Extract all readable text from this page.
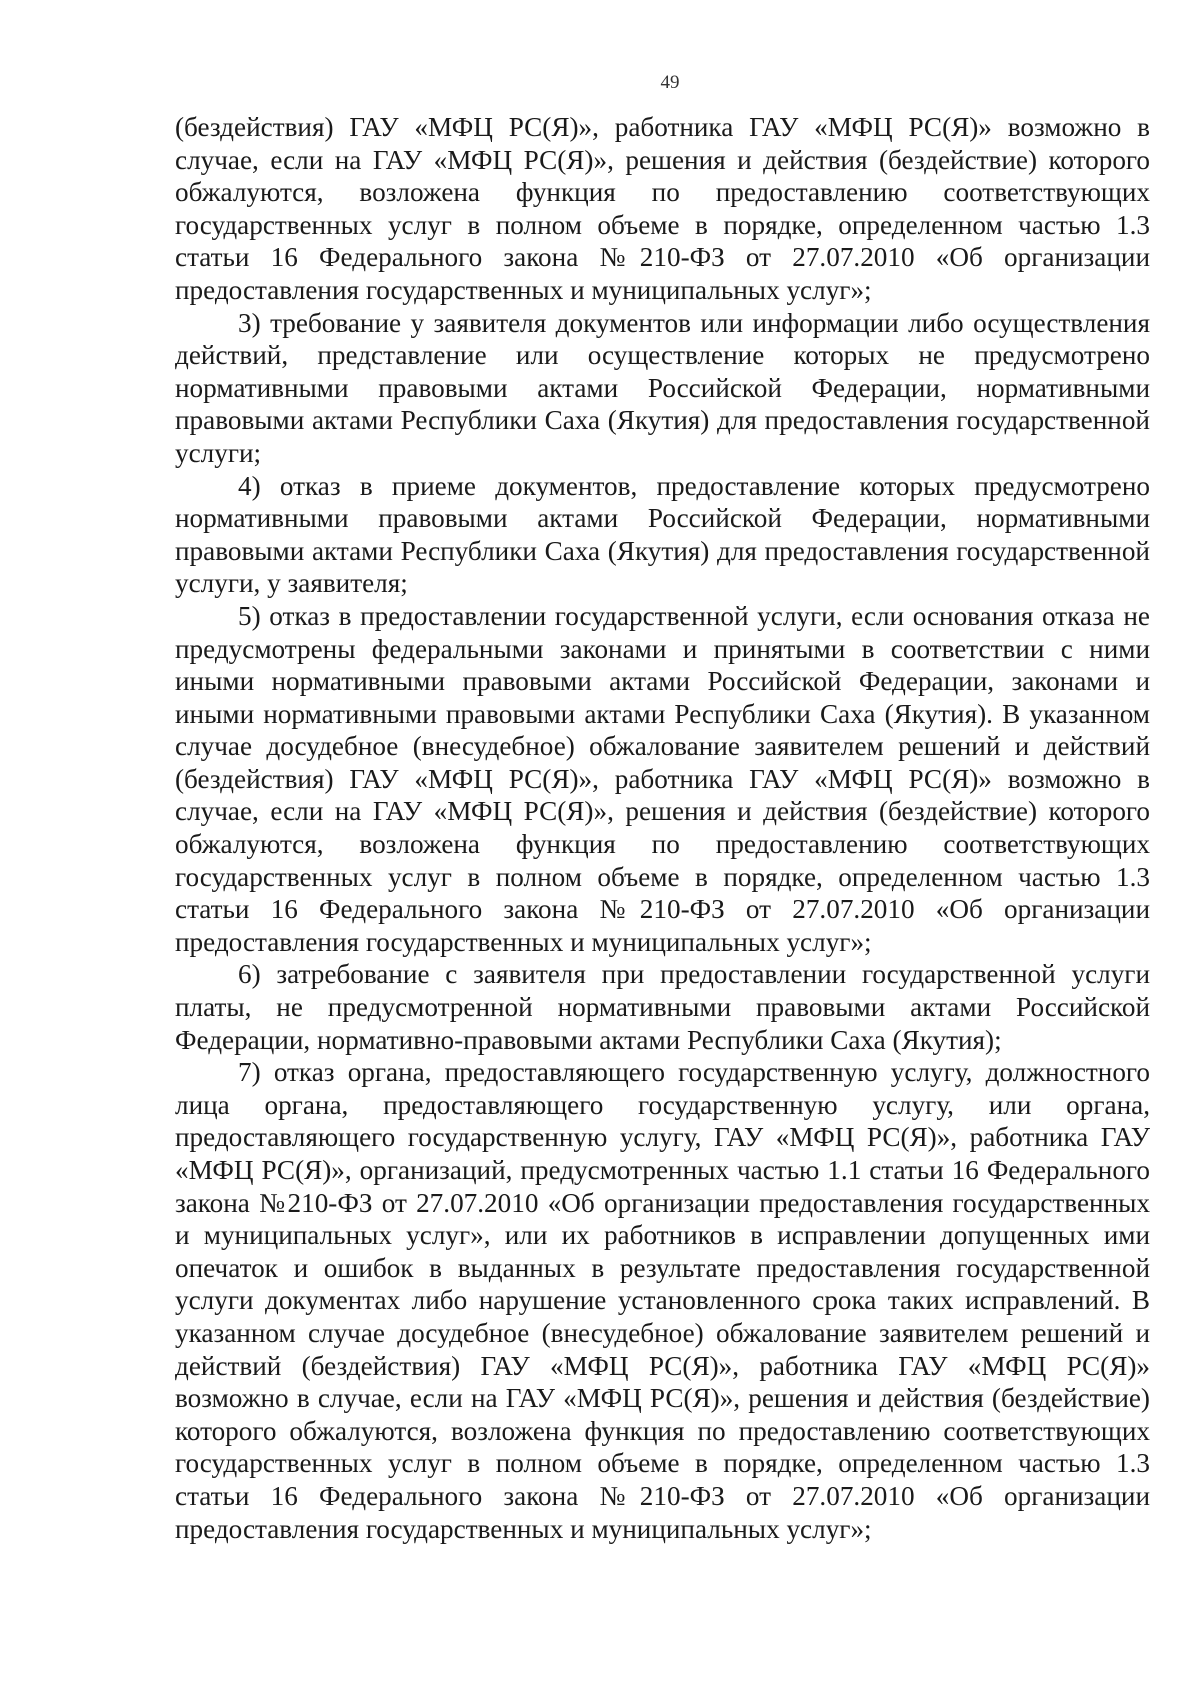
49

(бездействия) ГАУ «МФЦ РС(Я)», работника ГАУ «МФЦ РС(Я)» возможно в случае, если на ГАУ «МФЦ РС(Я)», решения и действия (бездействие) которого обжалуются, возложена функция по предоставлению соответствующих государственных услуг в полном объеме в порядке, определенном частью 1.3 статьи 16 Федерального закона №210-ФЗ от 27.07.2010 «Об организации предоставления государственных и муниципальных услуг»;

3) требование у заявителя документов или информации либо осуществления действий, представление или осуществление которых не предусмотрено нормативными правовыми актами Российской Федерации, нормативными правовыми актами Республики Саха (Якутия) для предоставления государственной услуги;

4) отказ в приеме документов, предоставление которых предусмотрено нормативными правовыми актами Российской Федерации, нормативными правовыми актами Республики Саха (Якутия) для предоставления государственной услуги, у заявителя;

5) отказ в предоставлении государственной услуги, если основания отказа не предусмотрены федеральными законами и принятыми в соответствии с ними иными нормативными правовыми актами Российской Федерации, законами и иными нормативными правовыми актами Республики Саха (Якутия). В указанном случае досудебное (внесудебное) обжалование заявителем решений и действий (бездействия) ГАУ «МФЦ РС(Я)», работника ГАУ «МФЦ РС(Я)» возможно в случае, если на ГАУ «МФЦ РС(Я)», решения и действия (бездействие) которого обжалуются, возложена функция по предоставлению соответствующих государственных услуг в полном объеме в порядке, определенном частью 1.3 статьи 16 Федерального закона №210-ФЗ от 27.07.2010 «Об организации предоставления государственных и муниципальных услуг»;

6) затребование с заявителя при предоставлении государственной услуги платы, не предусмотренной нормативными правовыми актами Российской Федерации, нормативно-правовыми актами Республики Саха (Якутия);

7) отказ органа, предоставляющего государственную услугу, должностного лица органа, предоставляющего государственную услугу, или органа, предоставляющего государственную услугу, ГАУ «МФЦ РС(Я)», работника ГАУ «МФЦ РС(Я)», организаций, предусмотренных частью 1.1 статьи 16 Федерального закона №210-ФЗ от 27.07.2010 «Об организации предоставления государственных и муниципальных услуг», или их работников в исправлении допущенных ими опечаток и ошибок в выданных в результате предоставления государственной услуги документах либо нарушение установленного срока таких исправлений. В указанном случае досудебное (внесудебное) обжалование заявителем решений и действий (бездействия) ГАУ «МФЦ РС(Я)», работника ГАУ «МФЦ РС(Я)» возможно в случае, если на ГАУ «МФЦ РС(Я)», решения и действия (бездействие) которого обжалуются, возложена функция по предоставлению соответствующих государственных услуг в полном объеме в порядке, определенном частью 1.3 статьи 16 Федерального закона №210-ФЗ от 27.07.2010 «Об организации предоставления государственных и муниципальных услуг»;
